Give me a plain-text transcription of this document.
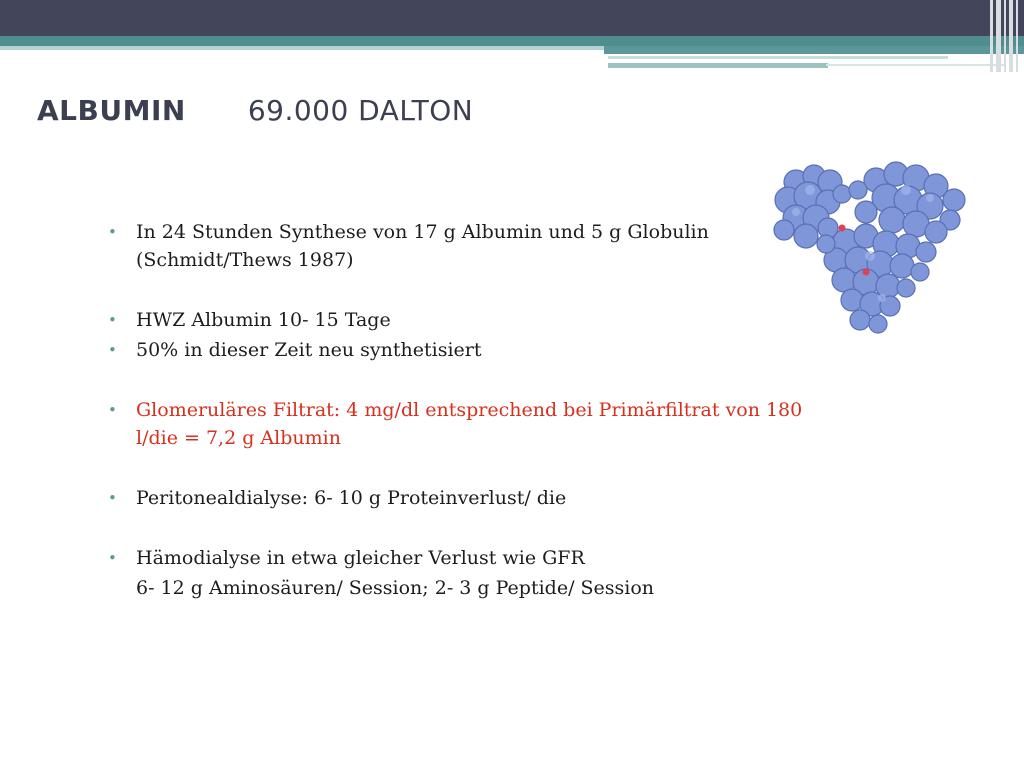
ALBUMIN 69.000 DALTON
• In 24 Stunden Synthese von 17 g Albumin und 5 g Globulin
(Schmidt/Thews 1987)
• HWZ Albumin 10- 15 Tage
• 50% in dieser Zeit neu synthetisiert
• Glomeruläres Filtrat: 4 mg/dl entsprechend bei Primärfiltrat von 180
l/die = 7,2 g Albumin
• Peritonealdialyse: 6- 10 g Proteinverlust/ die
• Hämodialyse in etwa gleicher Verlust wie GFR
6- 12 g Aminosäuren/ Session; 2- 3 g Peptide/ Session
